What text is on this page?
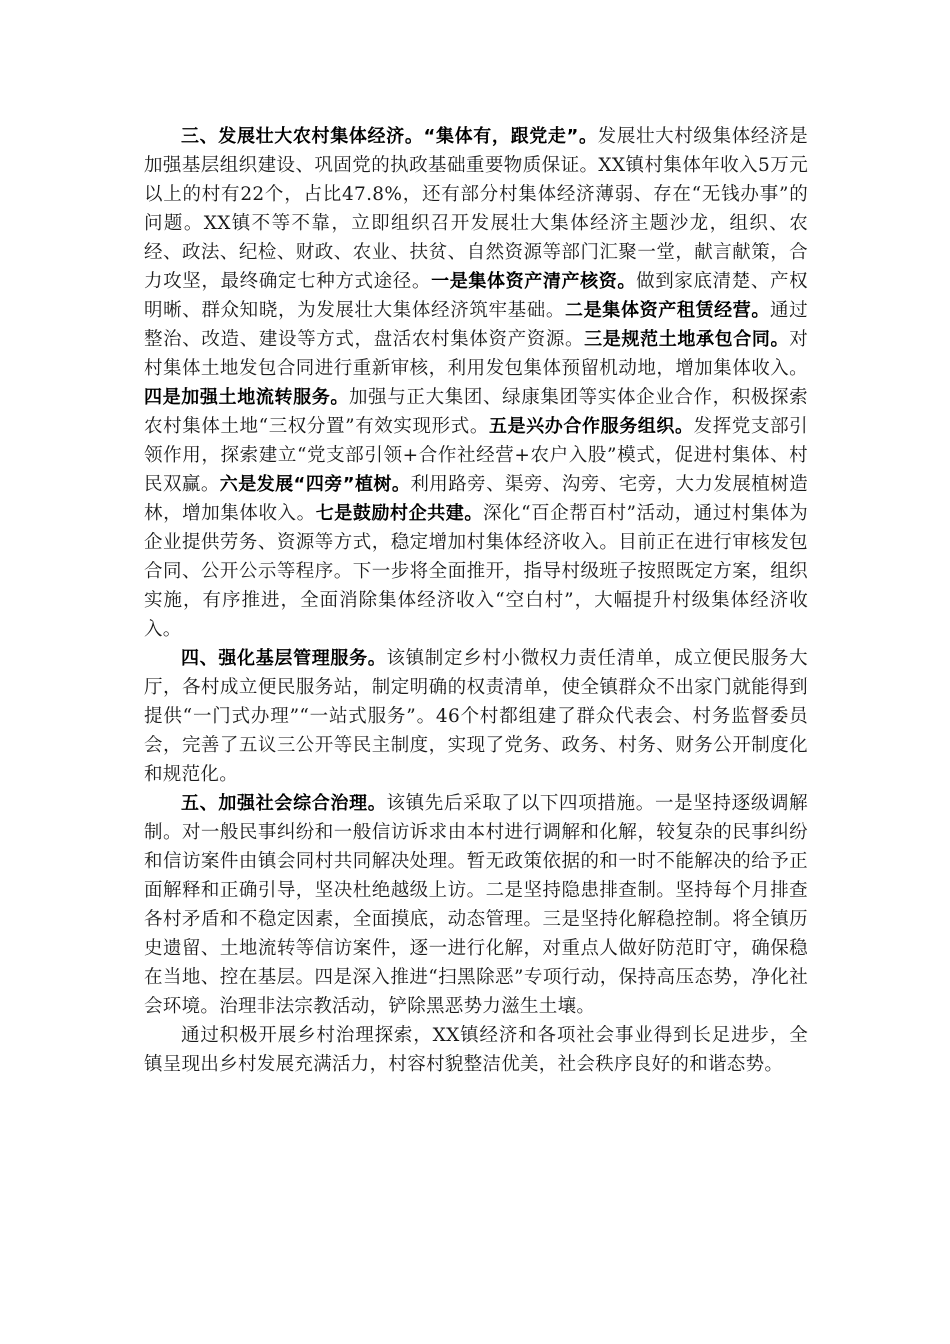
三、发展壮大农村集体经济。“集体有，跟党走”。发展壮大村级集体经济是加强基层组织建设、巩固党的执政基础重要物质保证。XX镇村集体年收入5万元以上的村有22个，占比47.8%，还有部分村集体经济薄弱、存在“无钱办事”的问题。XX镇不等不靠，立即组织召开发展壮大集体经济主题沙龙，组织、农经、政法、纪检、财政、农业、扶贫、自然资源等部门汇聚一堂，献言献策，合力攻坚，最终确定七种方式途径。一是集体资产清产核资。做到家底清楚、产权明晰、群众知晓，为发展壮大集体经济筑牢基础。二是集体资产租赁经营。通过整治、改造、建设等方式，盘活农村集体资产资源。三是规范土地承包合同。对村集体土地发包合同进行重新审核，利用发包集体预留机动地，增加集体收入。四是加强土地流转服务。加强与正大集团、绿康集团等实体企业合作，积极探索农村集体土地“三权分置”有效实现形式。五是兴办合作服务组织。发挥党支部引领作用，探索建立“党支部引领+合作社经营+农户入股”模式，促进村集体、村民双赢。六是发展“四旁”植树。利用路旁、渠旁、沟旁、宅旁，大力发展植树造林，增加集体收入。七是鼓励村企共建。深化“百企帮百村”活动，通过村集体为企业提供劳务、资源等方式，稳定增加村集体经济收入。目前正在进行审核发包合同、公开公示等程序。下一步将全面推开，指导村级班子按照既定方案，组织实施，有序推进，全面消除集体经济收入“空白村”，大幅提升村级集体经济收入。

四、强化基层管理服务。该镇制定乡村小微权力责任清单，成立便民服务大厅，各村成立便民服务站，制定明确的权责清单，使全镇群众不出家门就能得到提供“一门式办理”“一站式服务”。46个村都组建了群众代表会、村务监督委员会，完善了五议三公开等民主制度，实现了党务、政务、村务、财务公开制度化和规范化。

五、加强社会综合治理。该镇先后采取了以下四项措施。一是坚持逐级调解制。对一般民事纠纷和一般信访诉求由本村进行调解和化解，较复杂的民事纠纷和信访案件由镇会同村共同解决处理。暂无政策依据的和一时不能解决的给予正面解释和正确引导，坚决杜绝越级上访。二是坚持隐患排查制。坚持每个月排查各村矛盾和不稳定因素，全面摸底，动态管理。三是坚持化解稳控制。将全镇历史遗留、土地流转等信访案件，逐一进行化解，对重点人做好防范盯守，确保稳在当地、控在基层。四是深入推进“扫黑除恶”专项行动，保持高压态势，净化社会环境。治理非法宗教活动，铲除黑恶势力滋生土壤。

通过积极开展乡村治理探索，XX镇经济和各项社会事业得到长足进步，全镇呈现出乡村发展充满活力，村容村貌整洁优美，社会秩序良好的和谐态势。
